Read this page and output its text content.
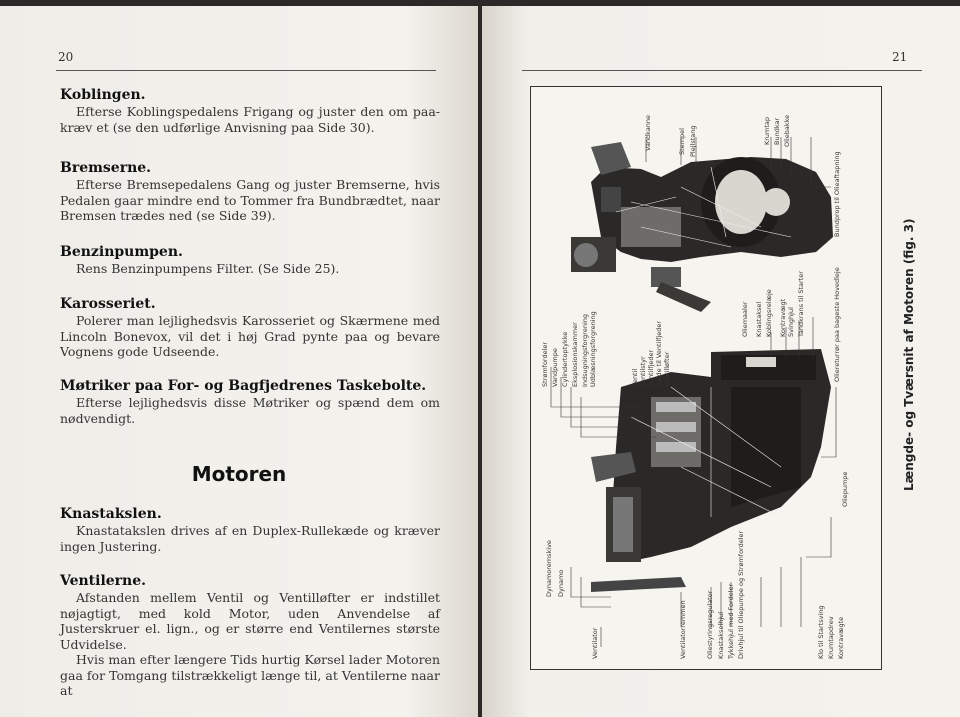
20
Koblingen.

Efterse Koblingspedalens Frigang og juster den om paa-kræv et (se den udførlige Anvisning paa Side 30).

Bremserne.

Efterse Bremsepedalens Gang og juster Bremserne, hvis Pedalen gaar mindre end to Tommer fra Bundbrædtet, naar Bremsen trædes ned (se Side 39).

Benzinpumpen.

Rens Benzinpumpens Filter. (Se Side 25).

Karosseriet.

Polerer man lejlighedsvis Karosseriet og Skærmene med Lincoln Bonevox, vil det i høj Grad pynte paa og bevare Vognens gode Udseende.

Møtriker paa For- og Bagfjedrenes Taskebolte.

Efterse lejlighedsvis disse Møtriker og spænd dem om nødvendigt.

Motoren
Knastakslen.

Knastatakslen drives af en Duplex-Rullekæde og kræver ingen Justering.

Ventilerne.

Afstanden mellem Ventil og Ventilløfter er indstillet nøjagtigt, med kold Motor, uden Anvendelse af Justerskruer el. lign., og er større end Ventilernes største Udvidelse.

Hvis man efter længere Tids hurtig Kørsel lader Motoren gaa for Tomgang tilstrækkeligt længe til, at Ventilerne naar at

21
Vandkanne	Stempel Plejlstang	Krumtap Bundkar Oliebakke
Bundprop til Olieaftapning
Strømfordeler Vandpumpe Cylindertoptykke Eksplosionskammer Indsugningsforgrening Udblæsningsforgrening	Ventil Ventilstyr Ventilfjeder Sæde til Ventilfjeder Ventilløfter
Oliemaaler Knastaksel Koblingsrelæje Kontravægt Svinghjul Tandkrans til Starter	Oliereturrør paa bageste Hovedleje
Oliepumpe
Dynamoremskive Dynamo
Ventilator	Ventilatorremmen	Oliestyringsregulator Knastakselhjul Tykkehjul med Fordeler Drivhjul til Oliepumpe og Strømfordeler	Klo til Startsving Krumtapdrev Kontravægte
Længde- og Tværsnit af Motoren (fig. 3)
